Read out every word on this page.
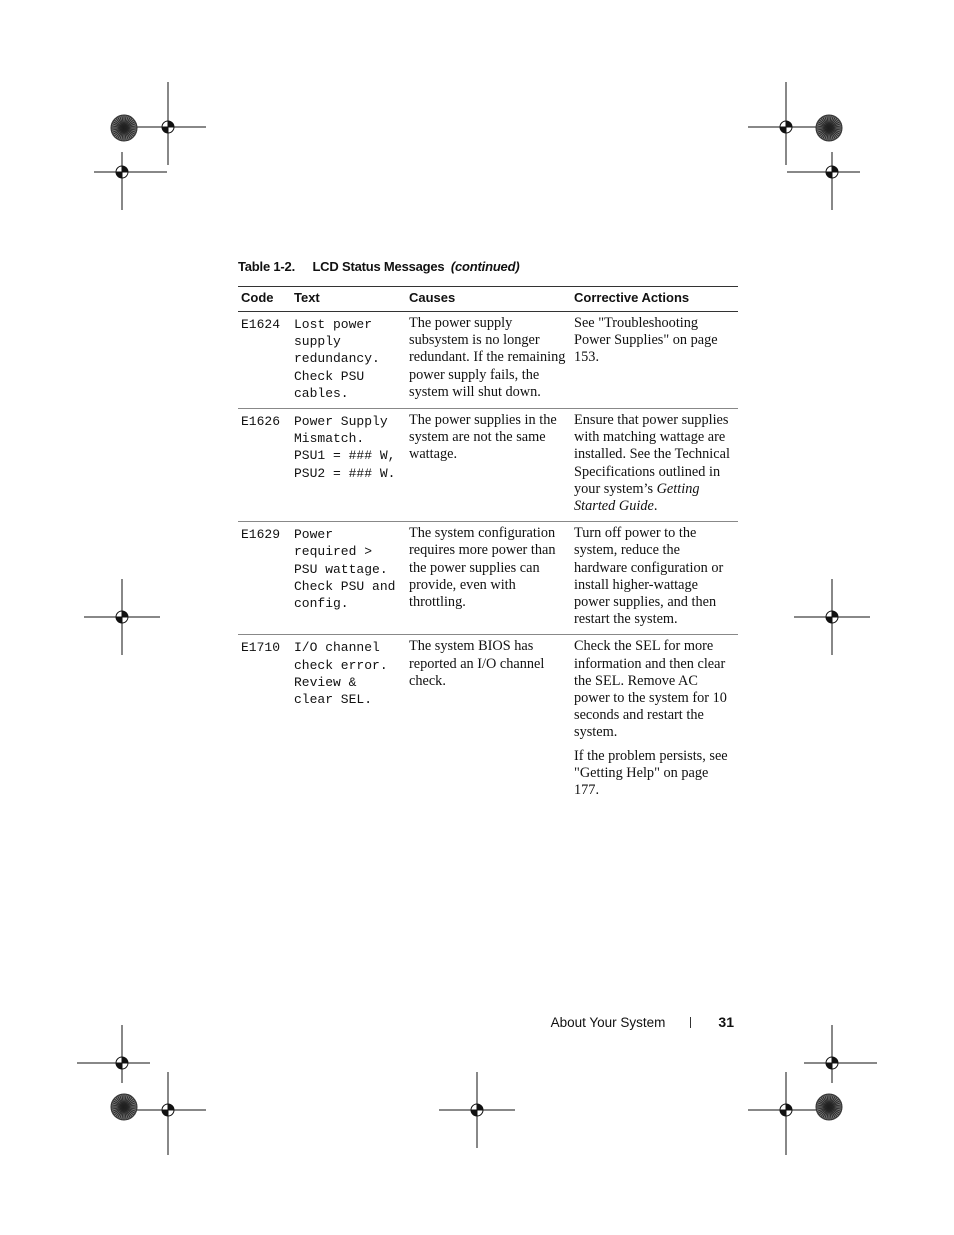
Table 1-2. LCD Status Messages (continued)
Code	Text	Causes	Corrective Actions
E1624	Lost power
supply
redundancy.
Check PSU
cables.	The power supply subsystem is no longer redundant. If the remaining power supply fails, the system will shut down.	See "Troubleshooting Power Supplies" on page 153.

E1626	Power Supply
Mismatch.
PSU1 = ### W,
PSU2 = ### W.	The power supplies in the system are not the same wattage.	Ensure that power supplies with matching wattage are installed. See the Technical Specifications outlined in your system’s Getting Started Guide.

E1629	Power
required >
PSU wattage.
Check PSU and
config.	The system configuration requires more power than the power supplies can provide, even with throttling.	Turn off power to the system, reduce the hardware configuration or install higher-wattage power supplies, and then restart the system.

E1710	I/O channel
check error.
Review &
clear SEL.	The system BIOS has reported an I/O channel check.	Check the SEL for more information and then clear the SEL. Remove AC power to the system for 10 seconds and restart the system.
If the problem persists, see "Getting Help" on page 177.
About Your System	31
